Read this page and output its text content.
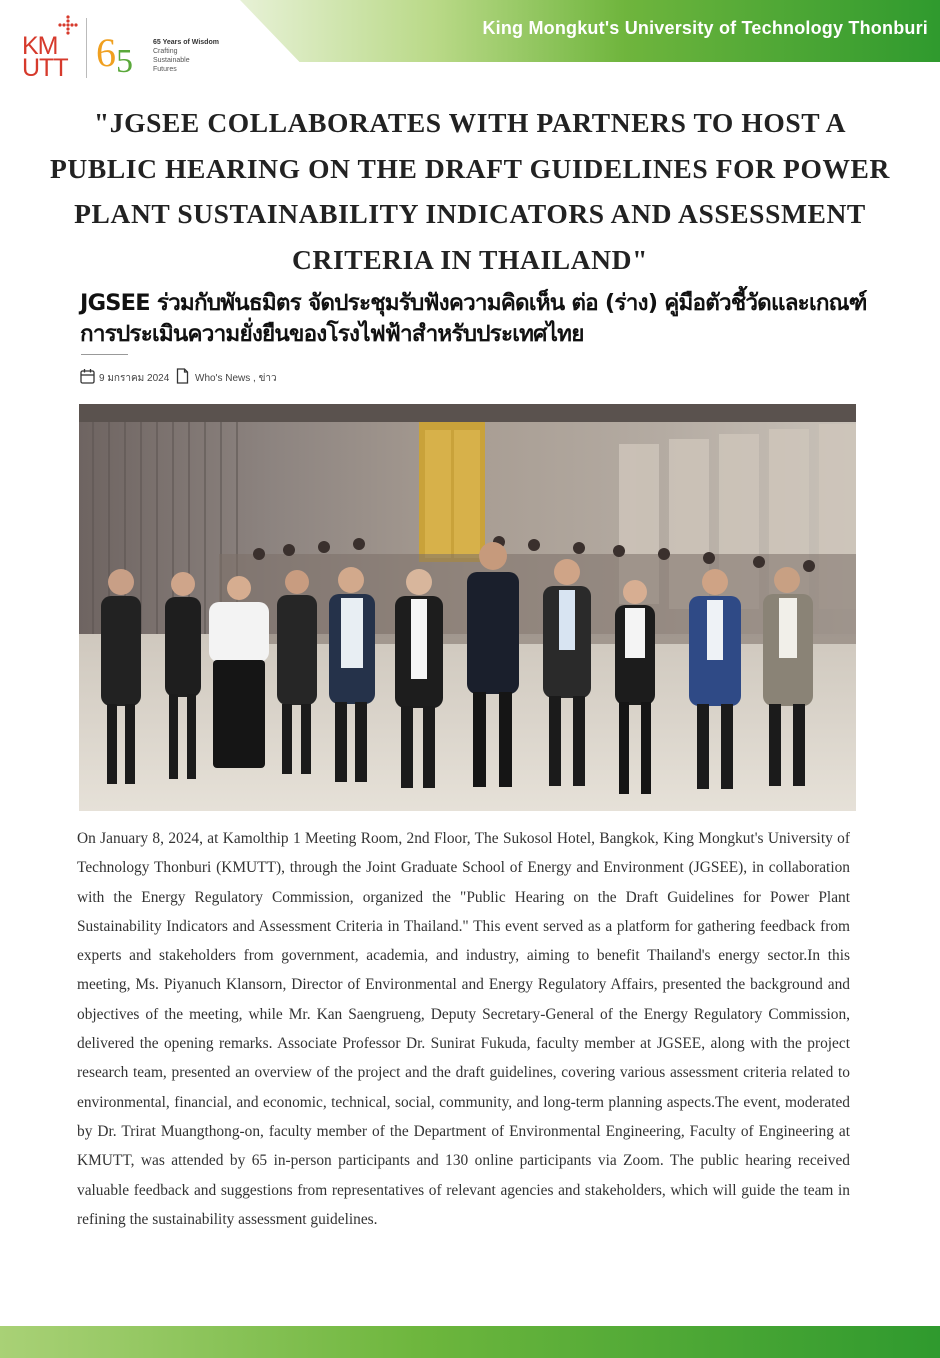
King Mongkut's University of Technology Thonburi
KM
UTT 6 5
65 Years of Wisdom
Crafting
Sustainable
Futures
"JGSEE COLLABORATES WITH PARTNERS TO HOST A PUBLIC HEARING ON THE DRAFT GUIDELINES FOR POWER PLANT SUSTAINABILITY INDICATORS AND ASSESSMENT CRITERIA IN THAILAND"
JGSEE ร่วมกับพันธมิตร จัดประชุมรับฟังความคิดเห็น ต่อ (ร่าง) คู่มือตัวชี้วัดและเกณฑ์การประเมินความยั่งยืนของโรงไฟฟ้าสำหรับประเทศไทย
9 มกราคม 2024	Who's News , ข่าว

On January 8, 2024, at Kamolthip 1 Meeting Room, 2nd Floor, The Sukosol Hotel, Bangkok, King Mongkut's University of Technology Thonburi (KMUTT), through the Joint Graduate School of Energy and Environment (JGSEE), in collaboration with the Energy Regulatory Commission, organized the "Public Hearing on the Draft Guidelines for Power Plant Sustainability Indicators and Assessment Criteria in Thailand." This event served as a platform for gathering feedback from experts and stakeholders from government, academia, and industry, aiming to benefit Thailand's energy sector.In this meeting, Ms. Piyanuch Klansorn, Director of Environmental and Energy Regulatory Affairs, presented the background and objectives of the meeting, while Mr. Kan Saengrueng, Deputy Secretary-General of the Energy Regulatory Commission, delivered the opening remarks. Associate Professor Dr. Sunirat Fukuda, faculty member at JGSEE, along with the project research team, presented an overview of the project and the draft guidelines, covering various assessment criteria related to environmental, financial, and economic, technical, social, community, and long-term planning aspects.The event, moderated by Dr. Trirat Muangthong-on, faculty member of the Department of Environmental Engineering, Faculty of Engineering at KMUTT, was attended by 65 in-person participants and 130 online participants via Zoom. The public hearing received valuable feedback and suggestions from representatives of relevant agencies and stakeholders, which will guide the team in refining the sustainability assessment guidelines.
